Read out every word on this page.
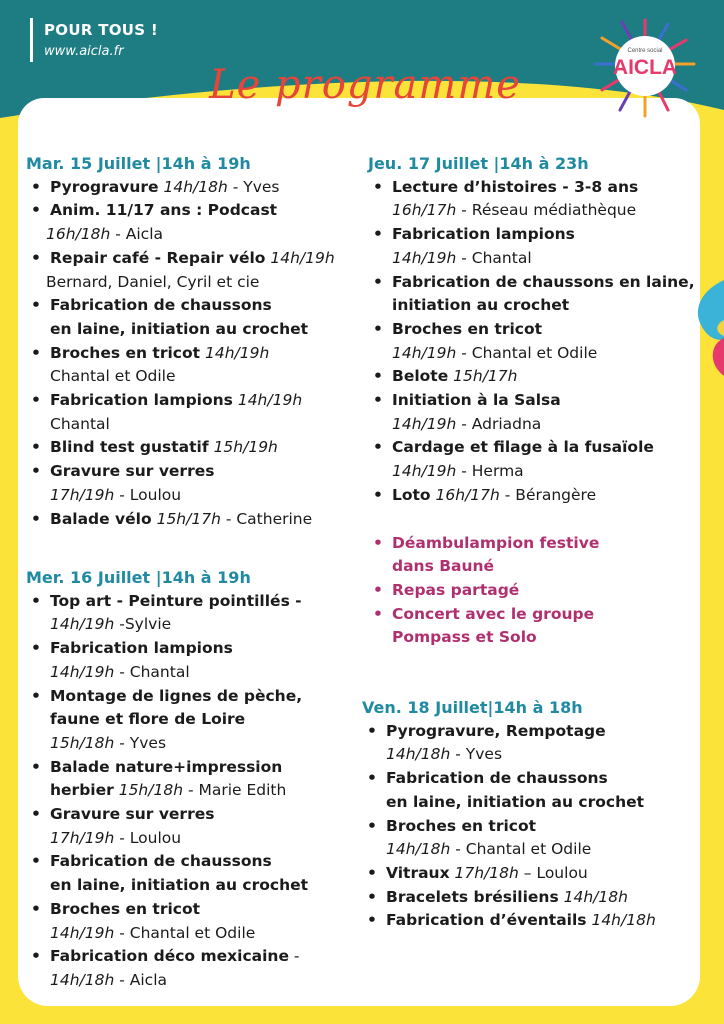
POUR TOUS !
www.aicla.fr
AICLA
Centre social
Le programme

Mar. 15 Juillet |14h à 19h

• Pyrogravure 14h/18h - Yves
• Anim. 11/17 ans : Podcast
16h/18h - Aicla
• Repair café - Repair vélo 14h/19h
Bernard, Daniel, Cyril et cie
• Fabrication de chaussons
en laine, initiation au crochet
• Broches en tricot 14h/19h
Chantal et Odile
• Fabrication lampions 14h/19h
Chantal
• Blind test gustatif 15h/19h
• Gravure sur verres
17h/19h - Loulou
• Balade vélo 15h/17h - Catherine

Mer. 16 Juillet |14h à 19h

• Top art - Peinture pointillés -
14h/19h -Sylvie
• Fabrication lampions
14h/19h - Chantal
• Montage de lignes de pèche,
faune et flore de Loire
15h/18h - Yves
• Balade nature+impression
herbier 15h/18h - Marie Edith
• Gravure sur verres
17h/19h - Loulou
• Fabrication de chaussons
en laine, initiation au crochet
• Broches en tricot
14h/19h - Chantal et Odile
• Fabrication déco mexicaine -
14h/18h - Aicla

Jeu. 17 Juillet |14h à 23h

• Lecture d’histoires - 3-8 ans
16h/17h - Réseau médiathèque
• Fabrication lampions
14h/19h - Chantal
• Fabrication de chaussons en laine,
initiation au crochet
• Broches en tricot
14h/19h - Chantal et Odile
• Belote 15h/17h
• Initiation à la Salsa
14h/19h - Adriadna
• Cardage et filage à la fusaïole
14h/19h - Herma
• Loto 16h/17h - Bérangère
• Déambulampion festive
dans Bauné
• Repas partagé
• Concert avec le groupe
Pompass et Solo

Ven. 18 Juillet|14h à 18h

• Pyrogravure, Rempotage
14h/18h - Yves
• Fabrication de chaussons
en laine, initiation au crochet
• Broches en tricot
14h/18h - Chantal et Odile
• Vitraux 17h/18h – Loulou
• Bracelets brésiliens 14h/18h
• Fabrication d’éventails 14h/18h
